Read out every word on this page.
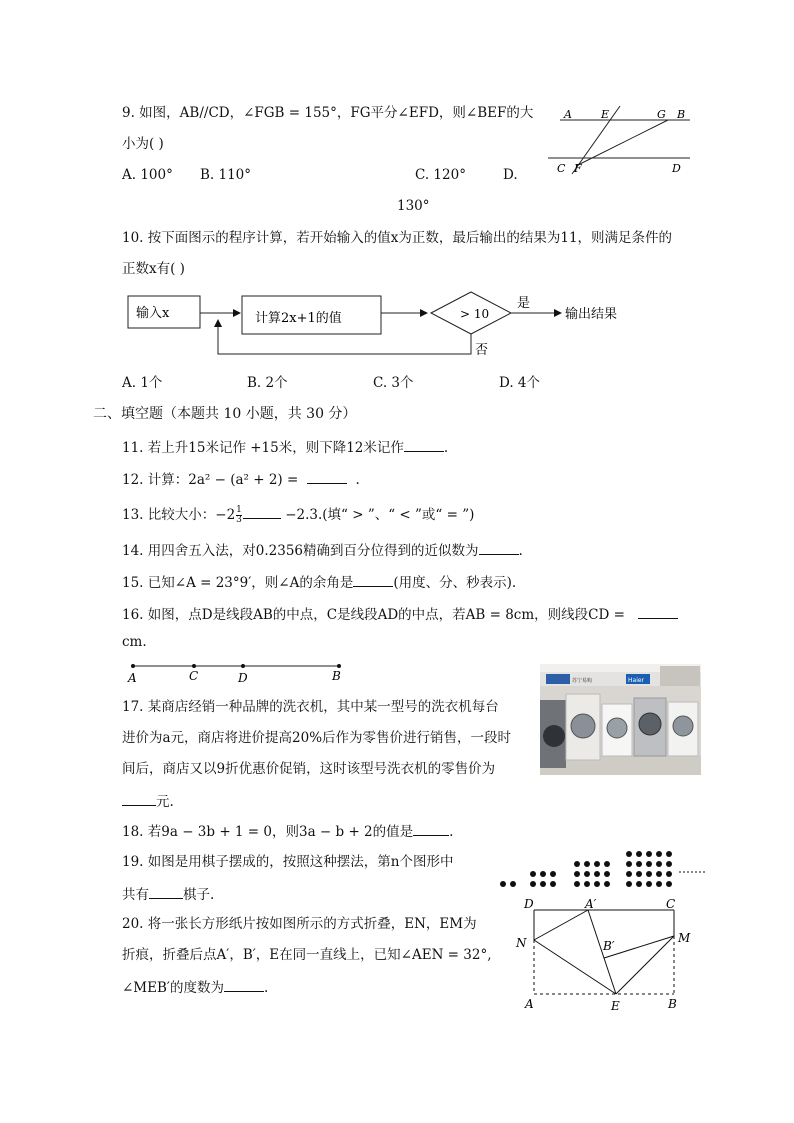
9. 如图，AB//CD，∠FGB = 155°，FG平分∠EFD，则∠BEF的大
小为( )
A. 100° B. 110°	C. 120°	D.
130°
A	E	G B
C F	D
10. 按下面图示的程序计算，若开始输入的值x为正数，最后输出的结果为11，则满足条件的
正数x有( )
输入x	计算2x+1的值	> 10
是
输出结果
否
A. 1个	B. 2个	C. 3个	D. 4个
二、填空题（本题共 10 小题，共 30 分）
11. 若上升15米记作 +15米，则下降12米记作	.
12. 计算：2a² − (a² + 2) =	.
13. 比较大小：$-2 \frac{1}{3}$	−2.3.(填“ > ”、“ < ”或“ = ”)
14. 用四舍五入法，对0.2356精确到百分位得到的近似数为	.
15. 已知∠A = 23°9′，则∠A的余角是	(用度、分、秒表示).
16. 如图，点D是线段AB的中点，C是线段AD的中点，若AB = 8cm，则线段CD =
cm.
A	C	D	B
17. 某商店经销一种品牌的洗衣机，其中某一型号的洗衣机每台
进价为a元，商店将进价提高20%后作为零售价进行销售，一段时
间后，商店又以9折优惠价促销，这时该型号洗衣机的零售价为
元.
苏宁易购	Haier
18. 若9a − 3b + 1 = 0，则3a − b + 2的值是	.
19. 如图是用棋子摆成的，按照这种摆法，第n个图形中
共有	棋子.
20. 将一张长方形纸片按如图所示的方式折叠，EN，EM为
折痕，折叠后点A′，B′，E在同一直线上，已知∠AEN = 32°,
∠MEB′的度数为	.
D	A′	C
N	B′
M
A	E	B
